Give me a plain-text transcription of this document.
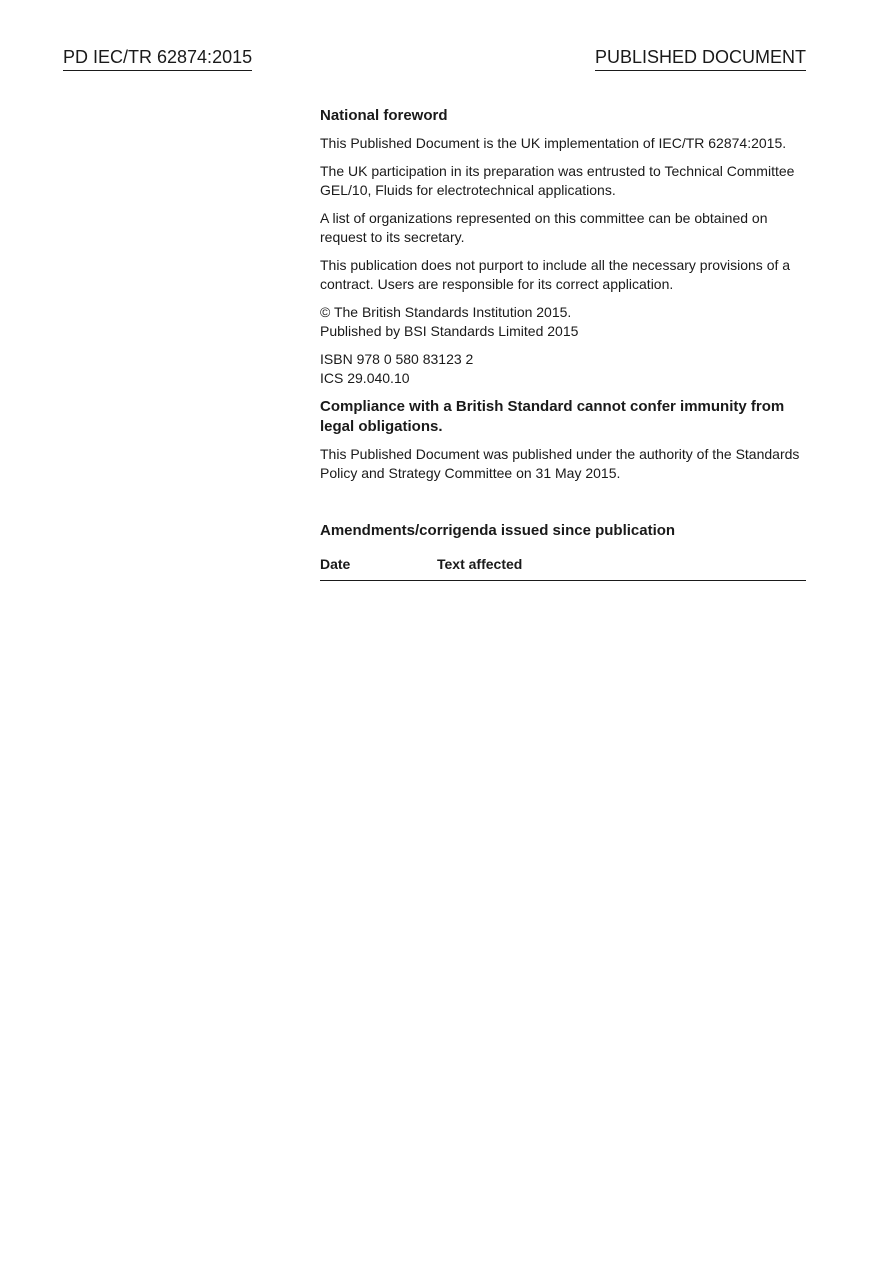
PD IEC/TR 62874:2015	PUBLISHED DOCUMENT
National foreword

This Published Document is the UK implementation of IEC/TR 62874:2015.

The UK participation in its preparation was entrusted to Technical Committee GEL/10, Fluids for electrotechnical applications.

A list of organizations represented on this committee can be obtained on request to its secretary.

This publication does not purport to include all the necessary provisions of a contract. Users are responsible for its correct application.

© The British Standards Institution 2015.
Published by BSI Standards Limited 2015

ISBN 978 0 580 83123 2
ICS 29.040.10

Compliance with a British Standard cannot confer immunity from legal obligations.

This Published Document was published under the authority of the Standards Policy and Strategy Committee on 31 May 2015.

Amendments/corrigenda issued since publication
Date	Text affected
